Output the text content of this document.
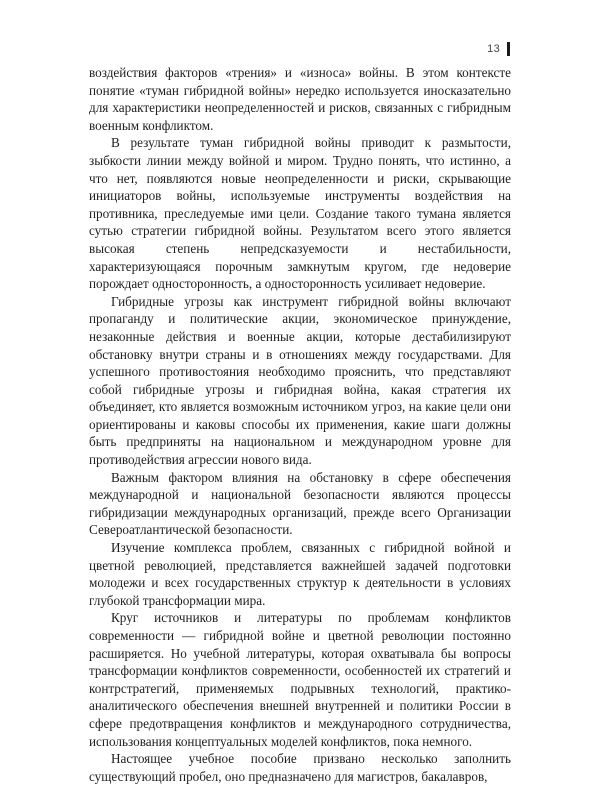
13

воздействия факторов «трения» и «износа» войны. В этом контексте понятие «туман гибридной войны» нередко используется иносказательно для характеристики неопределенностей и рисков, связанных с гибридным военным конфликтом.

В результате туман гибридной войны приводит к размытости, зыбкости линии между войной и миром. Трудно понять, что истинно, а что нет, появляются новые неопределенности и риски, скрывающие инициаторов войны, используемые инструменты воздействия на противника, преследуемые ими цели. Создание такого тумана является сутью стратегии гибридной войны. Результатом всего этого является высокая степень непредсказуемости и нестабильности, характеризующаяся порочным замкнутым кругом, где недоверие порождает односторонность, а односторонность усиливает недоверие.

Гибридные угрозы как инструмент гибридной войны включают пропаганду и политические акции, экономическое принуждение, незаконные действия и военные акции, которые дестабилизируют обстановку внутри страны и в отношениях между государствами. Для успешного противостояния необходимо прояснить, что представляют собой гибридные угрозы и гибридная война, какая стратегия их объединяет, кто является возможным источником угроз, на какие цели они ориентированы и каковы способы их применения, какие шаги должны быть предприняты на национальном и международном уровне для противодействия агрессии нового вида.

Важным фактором влияния на обстановку в сфере обеспечения международной и национальной безопасности являются процессы гибридизации международных организаций, прежде всего Организации Североатлантической безопасности.

Изучение комплекса проблем, связанных с гибридной войной и цветной революцией, представляется важнейшей задачей подготовки молодежи и всех государственных структур к деятельности в условиях глубокой трансформации мира.

Круг источников и литературы по проблемам конфликтов современности — гибридной войне и цветной революции постоянно расширяется. Но учебной литературы, которая охватывала бы вопросы трансформации конфликтов современности, особенностей их стратегий и контрстратегий, применяемых подрывных технологий, практико-аналитического обеспечения внешней внутренней и политики России в сфере предотвращения конфликтов и международного сотрудничества, использования концептуальных моделей конфликтов, пока немного.

Настоящее учебное пособие призвано несколько заполнить существующий пробел, оно предназначено для магистров, бакалавров,
